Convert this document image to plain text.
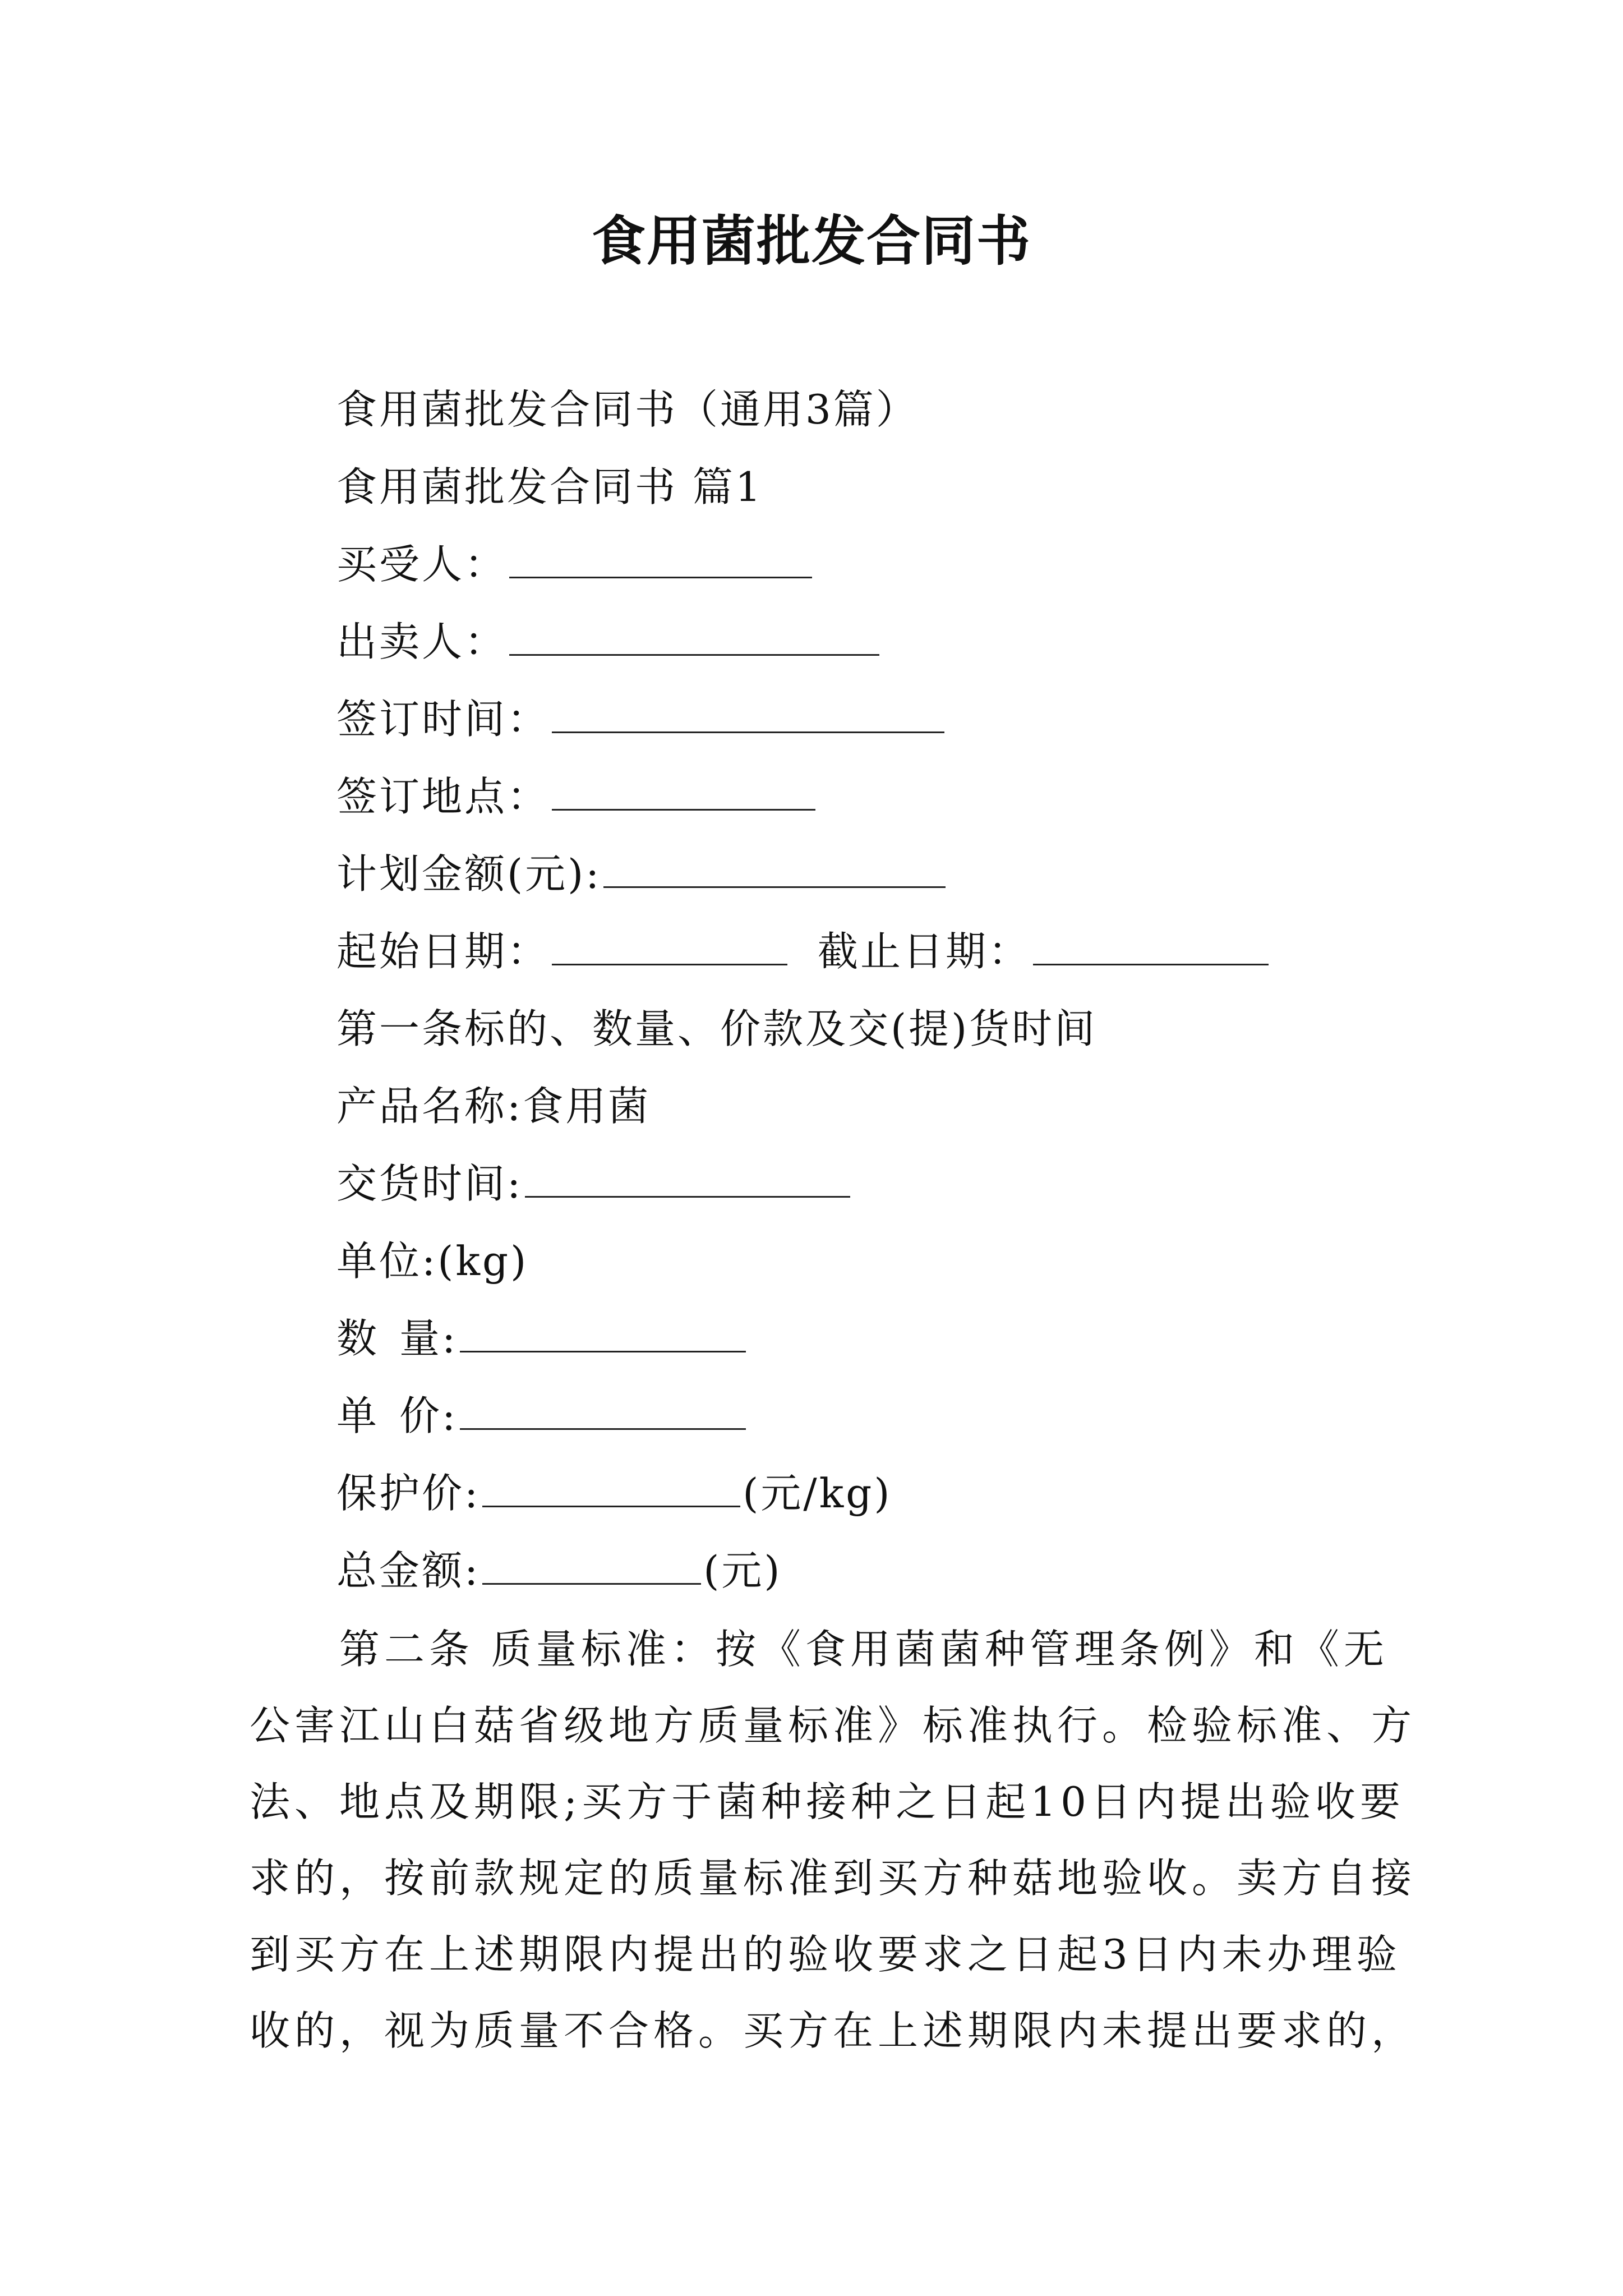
食用菌批发合同书
食用菌批发合同书（通用3篇）
食用菌批发合同书 篇1
买受人：
出卖人：
签订时间：
签订地点：
计划金额(元):
起始日期：	截止日期：
第一条标的、数量、价款及交(提)货时间
产品名称:食用菌
交货时间:
单位:(kg)
数 量:
单 价:
保护价:	(元/kg)
总金额:	(元)
第二条 质量标准：按《食用菌菌种管理条例》和《无
公害江山白菇省级地方质量标准》标准执行。检验标准、方
法、地点及期限;买方于菌种接种之日起10日内提出验收要
求的，按前款规定的质量标准到买方种菇地验收。卖方自接
到买方在上述期限内提出的验收要求之日起3日内未办理验
收的，视为质量不合格。买方在上述期限内未提出要求的，
